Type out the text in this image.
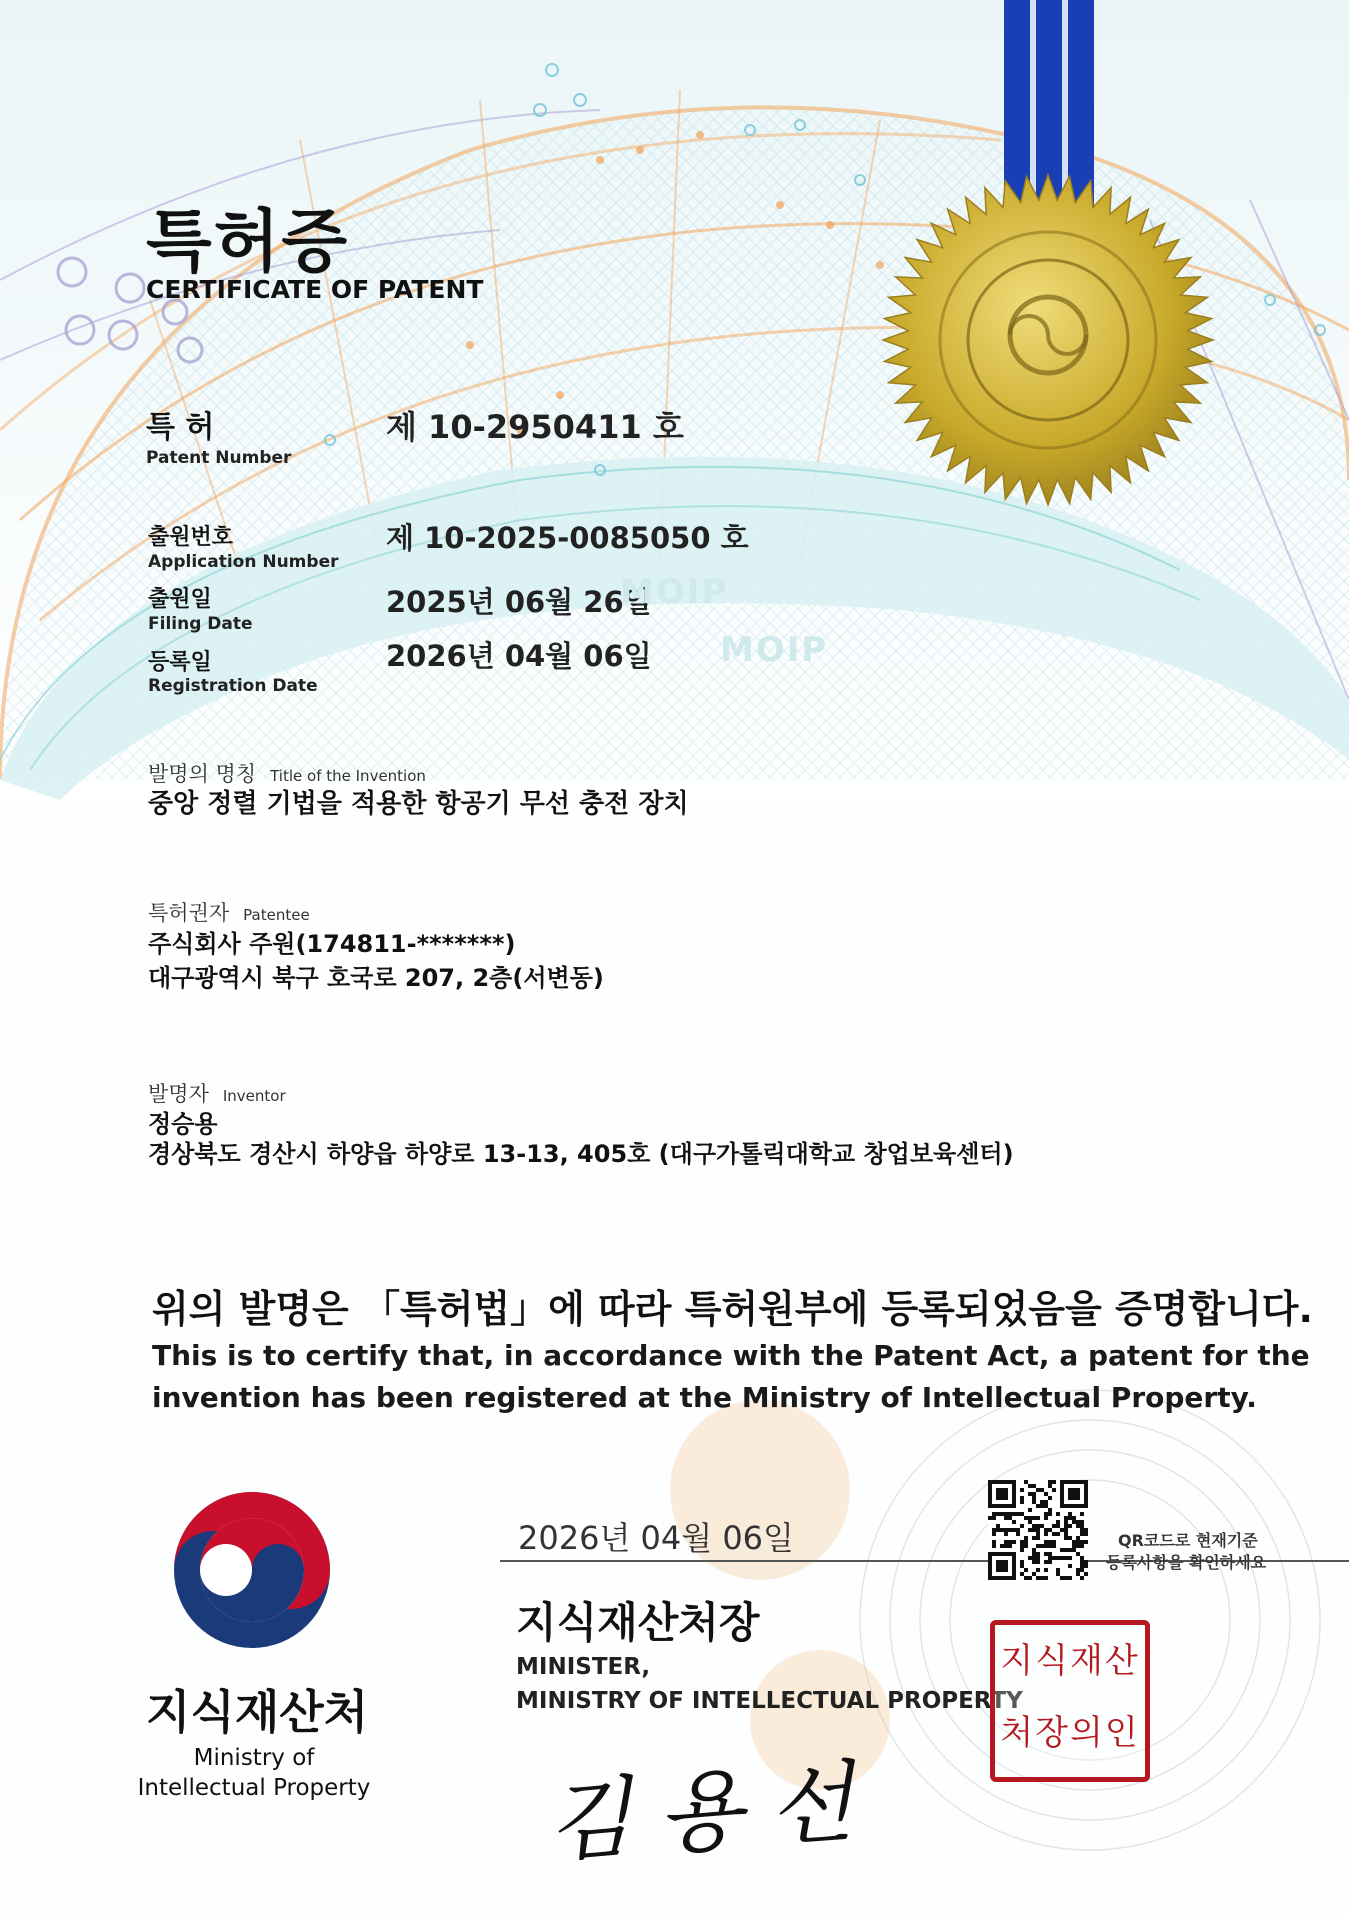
특허증
CERTIFICATE OF PATENT
특 허
Patent Number
제 10-2950411 호
출원번호
Application Number
제 10-2025-0085050 호
출원일
Filing Date
2025년 06월 26일
등록일
Registration Date
2026년 04월 06일
MOIP
MOIP
발명의 명칭 Title of the Invention
중앙 정렬 기법을 적용한 항공기 무선 충전 장치
특허권자 Patentee
주식회사 주원(174811-*******)
대구광역시 북구 호국로 207, 2층(서변동)
발명자 Inventor
정승용
경상북도 경산시 하양읍 하양로 13-13, 405호 (대구가톨릭대학교 창업보육센터)
위의 발명은 「특허법」에 따라 특허원부에 등록되었음을 증명합니다.
This is to certify that, in accordance with the Patent Act, a patent for the
invention has been registered at the Ministry of Intellectual Property.
지식재산처
Ministry of
Intellectual Property
2026년 04월 06일
지식재산처장
MINISTER,
MINISTRY OF INTELLECTUAL PROPERTY
김용선
QR코드로 현재기준
등록사항을 확인하세요
지식재산
처장의인
